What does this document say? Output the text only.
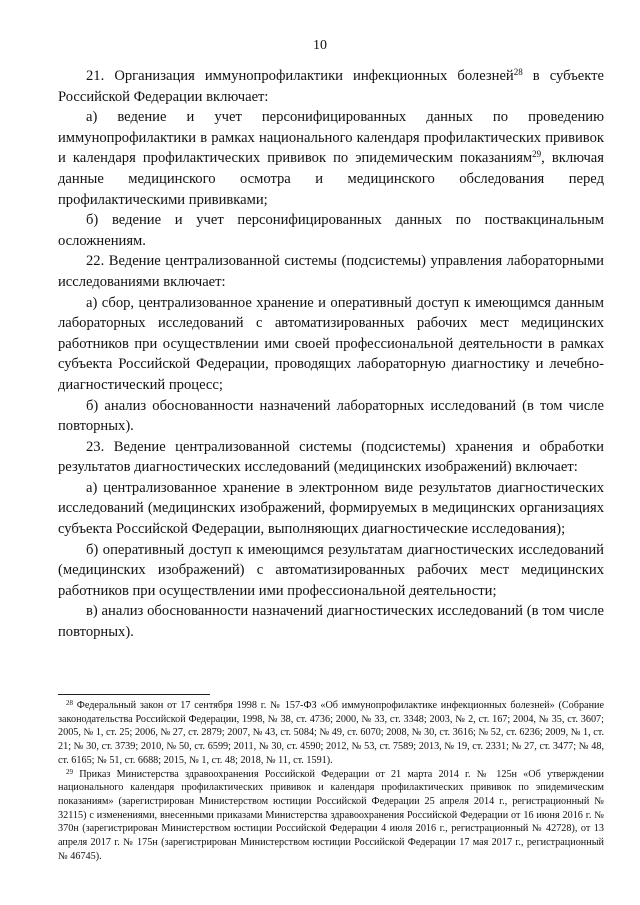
10

21. Организация иммунопрофилактики инфекционных болезней$^{28}$ в субъекте Российской Федерации включает:

а) ведение и учет персонифицированных данных по проведению иммунопрофилактики в рамках национального календаря профилактических прививок и календаря профилактических прививок по эпидемическим показаниям$^{29}$, включая данные медицинского осмотра и медицинского обследования перед профилактическими прививками;

б) ведение и учет персонифицированных данных по поствакцинальным осложнениям.

22. Ведение централизованной системы (подсистемы) управления лабораторными исследованиями включает:

а) сбор, централизованное хранение и оперативный доступ к имеющимся данным лабораторных исследований с автоматизированных рабочих мест медицинских работников при осуществлении ими своей профессиональной деятельности в рамках субъекта Российской Федерации, проводящих лабораторную диагностику и лечебно-диагностический процесс;

б) анализ обоснованности назначений лабораторных исследований (в том числе повторных).

23. Ведение централизованной системы (подсистемы) хранения и обработки результатов диагностических исследований (медицинских изображений) включает:

а) централизованное хранение в электронном виде результатов диагностических исследований (медицинских изображений, формируемых в медицинских организациях субъекта Российской Федерации, выполняющих диагностические исследования);

б) оперативный доступ к имеющимся результатам диагностических исследований (медицинских изображений) с автоматизированных рабочих мест медицинских работников при осуществлении ими профессиональной деятельности;

в) анализ обоснованности назначений диагностических исследований (в том числе повторных).

$^{28}$ Федеральный закон от 17 сентября 1998 г. № 157-ФЗ «Об иммунопрофилактике инфекционных болезней» (Собрание законодательства Российской Федерации, 1998, № 38, ст. 4736; 2000, № 33, ст. 3348; 2003, № 2, ст. 167; 2004, № 35, ст. 3607; 2005, № 1, ст. 25; 2006, № 27, ст. 2879; 2007, № 43, ст. 5084; № 49, ст. 6070; 2008, № 30, ст. 3616; № 52, ст. 6236; 2009, № 1, ст. 21; № 30, ст. 3739; 2010, № 50, ст. 6599; 2011, № 30, ст. 4590; 2012, № 53, ст. 7589; 2013, № 19, ст. 2331; № 27, ст. 3477; № 48, ст. 6165; № 51, ст. 6688; 2015, № 1, ст. 48; 2018, № 11, ст. 1591).

$^{29}$ Приказ Министерства здравоохранения Российской Федерации от 21 марта 2014 г. № 125н «Об утверждении национального календаря профилактических прививок и календаря профилактических прививок по эпидемическим показаниям» (зарегистрирован Министерством юстиции Российской Федерации 25 апреля 2014 г., регистрационный № 32115) с изменениями, внесенными приказами Министерства здравоохранения Российской Федерации от 16 июня 2016 г. № 370н (зарегистрирован Министерством юстиции Российской Федерации 4 июля 2016 г., регистрационный № 42728), от 13 апреля 2017 г. № 175н (зарегистрирован Министерством юстиции Российской Федерации 17 мая 2017 г., регистрационный № 46745).
